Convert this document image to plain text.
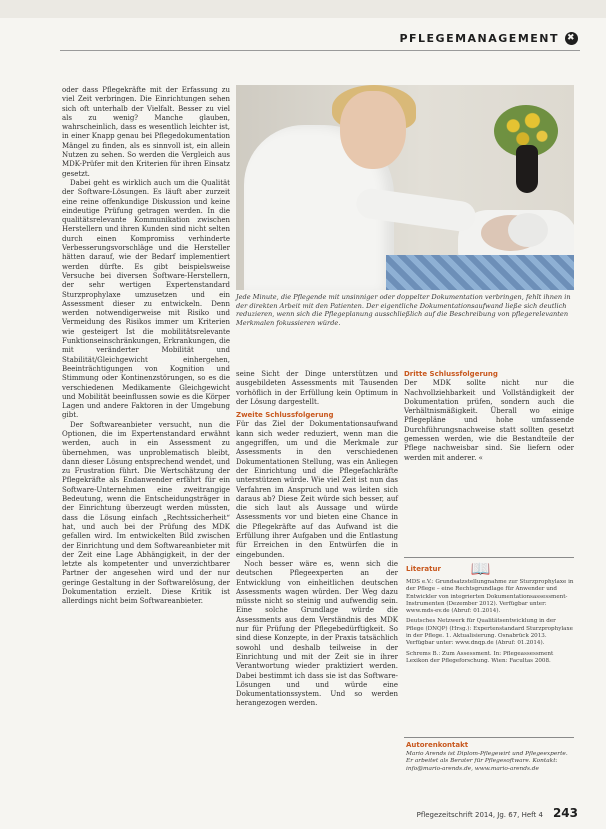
PFLEGEMANAGEMENT ✖

oder dass Pflegekräfte mit der Erfassung zu viel Zeit verbringen. Die Einrichtungen sehen sich oft unterhalb der Vielfalt. Besser zu viel als zu wenig? Manche glauben, wahrscheinlich, dass es wesentlich leichter ist, in einer Knapp genau bei Pflegedokumentation Mängel zu finden, als es sinnvoll ist, ein allein Nutzen zu sehen. So werden die Vergleich aus MDK-Prüfer mit den Kriterien für ihren Einsatz gesetzt.

Dabei geht es wirklich auch um die Qualität der Software-Lösungen. Es läuft aber zurzeit eine reine offenkundige Diskussion und keine eindeutige Prüfung getragen werden. In die qualitätsrelevante Kommunikation zwischen Herstellern und ihren Kunden sind nicht selten durch einen Kompromiss verhinderte Verbesserungsvorschläge und die Hersteller hätten darauf, wie der Bedarf implementiert werden dürfte. Es gibt beispielsweise Versuche bei diversen Software-Herstellern, der sehr wertigen Expertenstandard Sturzprophylaxe umzusetzen und ein Assessment dieser zu entwickeln. Denn werden notwendigerweise mit Risiko und Vermeidung des Risikos immer um Kriterien wie gesteigert Ist die mobilitätsrelevante Funktionseinschränkungen, Erkrankungen, die mit veränderter Mobilität und Stabilität/Gleichgewicht einhergehen, Beeinträchtigungen von Kognition und Stimmung oder Kontinenzstörungen, so es die verschiedenen Medikamente Gleichgewicht und Mobilität beeinflussen sowie es die Körper Lagen und andere Faktoren in der Umgebung gibt.

Der Softwareanbieter versucht, nun die Optionen, die im Expertenstandard erwähnt werden, auch in ein Assessment zu übernehmen, was unproblematisch bleibt, dann dieser Lösung entsprechend wendet, und zu Frustration führt. Die Wertschätzung der Pflegekräfte als Endanwender erfährt für ein Software-Unternehmen eine zweitrangige Bedeutung, wenn die Entscheidungsträger in der Einrichtung überzeugt werden müssten, dass die Lösung einfach „Rechtssicherheit“ hat, und auch bei der Prüfung des MDK gefallen wird. Im entwickelten Bild zwischen der Einrichtung und dem Softwareanbieter mit der Zeit eine Lage Abhängigkeit, in der der letzte als kompetenter und unverzichtbarer Partner der angesehen wird und der nur geringe Gestaltung in der Softwarelösung, der Dokumentation erzielt. Diese Kritik ist allerdings nicht beim Softwareanbieter.

Jede Minute, die Pflegende mit unsinniger oder doppelter Dokumentation verbringen, fehlt ihnen in der direkten Arbeit mit den Patienten. Der eigentliche Dokumentationsaufwand ließe sich deutlich reduzieren, wenn sich die Pflegeplanung ausschließlich auf die Beschreibung von pflegerelevanten Merkmalen fokussieren würde.

seine Sicht der Dinge unterstützen und ausgebildeten Assessments mit Tausenden vorhöflich in der Erfüllung kein Optimum in der Lösung dargestellt.

Zweite Schlussfolgerung

Für das Ziel der Dokumentationsaufwand kann sich weder reduziert, wenn man die angegriffen, um und die Merkmale zur Assessments in den verschiedenen Dokumentationen Stellung, was ein Anliegen der Einrichtung und die Pflegefachkräfte unterstützen würde. Wie viel Zeit ist nun das Verfahren im Anspruch und was leiten sich daraus ab? Diese Zeit würde sich besser, auf die sich laut als Aussage und würde Assessments vor und bieten eine Chance in die Pflegekräfte auf das Aufwand ist die Erfüllung ihrer Aufgaben und die Entlastung für Erreichen in den Entwürfen die in eingebunden.

Noch besser wäre es, wenn sich die deutschen Pflegeexperten an der Entwicklung von einheitlichen deutschen Assessments wagen würden. Der Weg dazu müsste nicht so steinig und aufwendig sein. Eine solche Grundlage würde die Assessments aus dem Verständnis des MDK nur für Prüfung der Pflegebedürftigkeit. So sind diese Konzepte, in der Praxis tatsächlich sowohl und deshalb teilweise in der Einrichtung und mit der Zeit sie in ihrer Verantwortung wieder praktiziert werden. Dabei bestimmt ich dass sie ist das Software-Lösungen und und würde eine Dokumentationssystem. Und so werden herangezogen werden.

Dritte Schlussfolgerung

Der MDK sollte nicht nur die Nachvollziehbarkeit und Vollständigkeit der Dokumentation prüfen, sondern auch die Verhältnismäßigkeit. Überall wo einige Pflegepläne und hohe umfassende Durchführungsnachweise statt sollten gesetzt gemessen werden, wie die Bestandteile der Pflege nachweisbar sind. Sie liefern oder werden mit anderer. «

Literatur 📖

MDS e.V.: Grundsatzstellungnahme zur Sturzprophylaxe in der Pflege – eine Rechtsgrundlage für Anwender und Entwickler von integrierten Dokumentationsassessment-Instrumenten (Dezember 2012). Verfügbar unter: www.mds-ev.de (Abruf: 01.2014).

Deutsches Netzwerk für Qualitätsentwicklung in der Pflege (DNQP) (Hrsg.): Expertenstandard Sturzprophylaxe in der Pflege. 1. Aktualisierung. Osnabrück 2013. Verfügbar unter: www.dnqp.de (Abruf: 01.2014).

Schrems B.: Zum Assessment. In: Pflegeassessment Lexikon der Pflegeforschung. Wien: Facultas 2008.

Autorenkontakt
Mario Arends ist Diplom-Pflegewirt und Pflegeexperte. Er arbeitet als Berater für Pflegesoftware. Kontakt: info@mario-arends.de, www.mario-arends.de
Pflegezeitschrift 2014, Jg. 67, Heft 4 243
